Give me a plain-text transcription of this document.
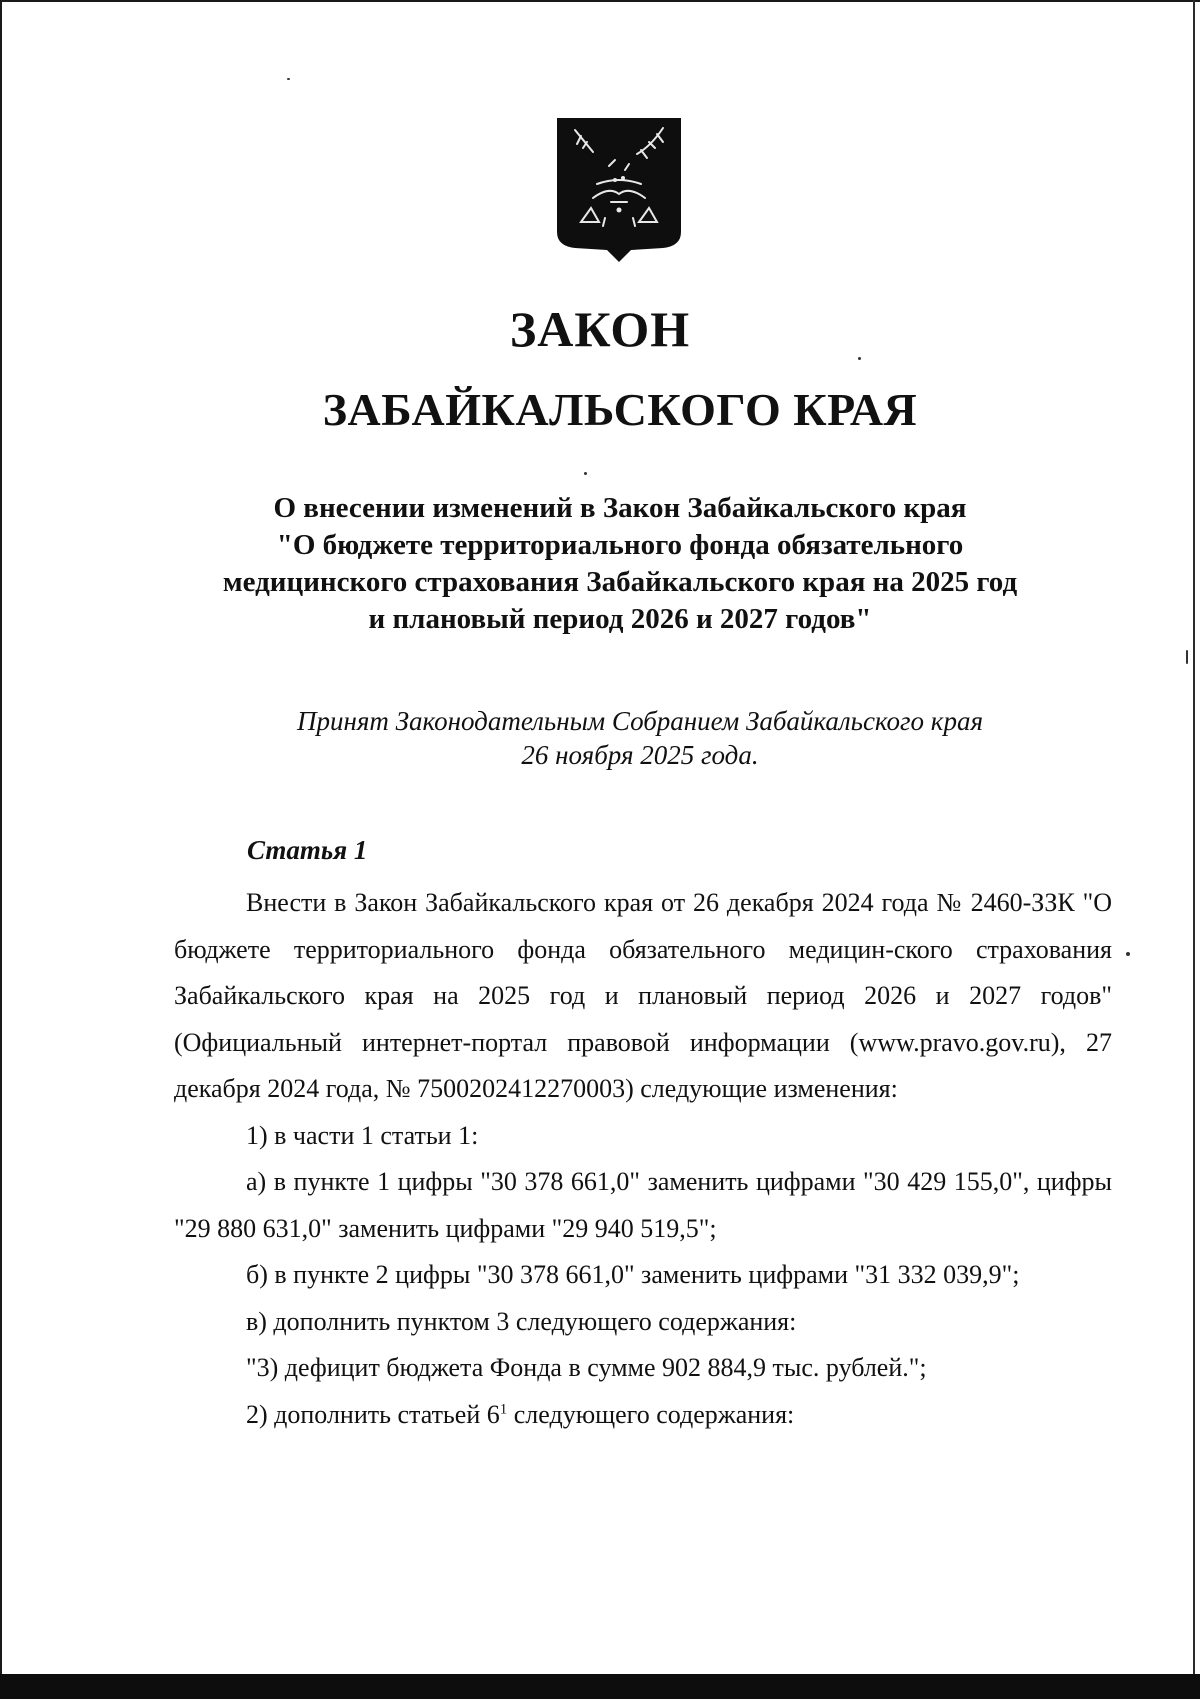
ЗАКОН
ЗАБАЙКАЛЬСКОГО КРАЯ
О внесении изменений в Закон Забайкальского края
"О бюджете территориального фонда обязательного
медицинского страхования Забайкальского края на 2025 год
и плановый период 2026 и 2027 годов"
Принят Законодательным Собранием Забайкальского края
26 ноября 2025 года.
Статья 1

Внести в Закон Забайкальского края от 26 декабря 2024 года № 2460-ЗЗК "О бюджете территориального фонда обязательного медицин-ского страхования Забайкальского края на 2025 год и плановый период 2026 и 2027 годов" (Официальный интернет-портал правовой информации (www.pravo.gov.ru), 27 декабря 2024 года, № 7500202412270003) следующие изменения:

1) в части 1 статьи 1:

а) в пункте 1 цифры "30 378 661,0" заменить цифрами "30 429 155,0", цифры "29 880 631,0" заменить цифрами "29 940 519,5";

б) в пункте 2 цифры "30 378 661,0" заменить цифрами "31 332 039,9";

в) дополнить пунктом 3 следующего содержания:

"3) дефицит бюджета Фонда в сумме 902 884,9 тыс. рублей.";

2) дополнить статьей $6^1$ следующего содержания:
